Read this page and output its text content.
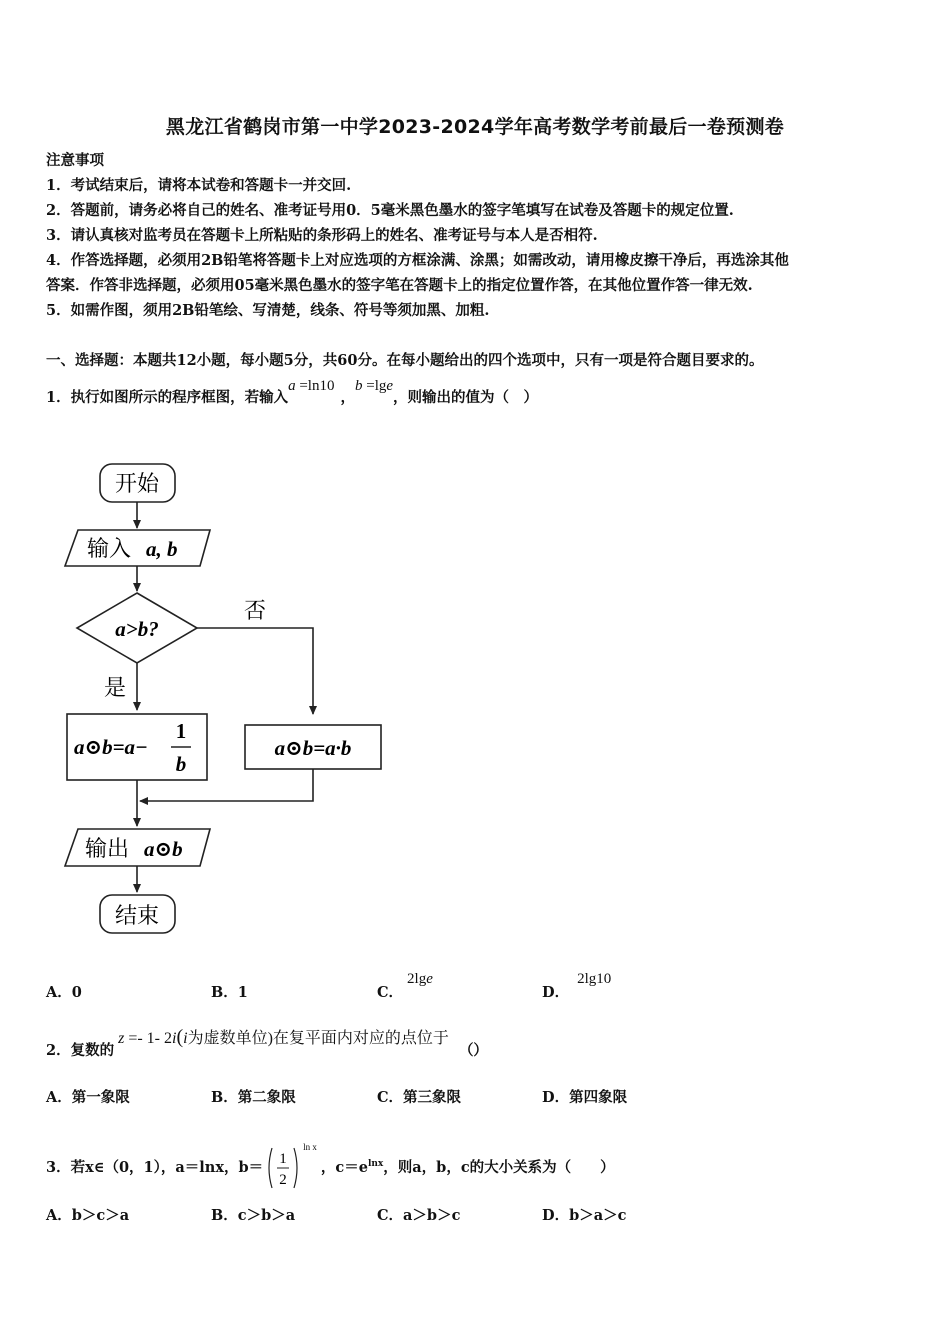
黑龙江省鹤岗市第一中学2023-2024学年高考数学考前最后一卷预测卷
注意事项
1．考试结束后，请将本试卷和答题卡一并交回.
2．答题前，请务必将自己的姓名、准考证号用0．5毫米黑色墨水的签字笔填写在试卷及答题卡的规定位置.
3．请认真核对监考员在答题卡上所粘贴的条形码上的姓名、准考证号与本人是否相符.
4．作答选择题，必须用2B铅笔将答题卡上对应选项的方框涂满、涂黑；如需改动，请用橡皮擦干净后，再选涂其他
答案．作答非选择题，必须用05毫米黑色墨水的签字笔在答题卡上的指定位置作答，在其他位置作答一律无效.
5．如需作图，须用2B铅笔绘、写清楚，线条、符号等须加黑、加粗.
一、选择题：本题共12小题，每小题5分，共60分。在每小题给出的四个选项中，只有一项是符合题目要求的。
1．执行如图所示的程序框图，若输入a =ln10，b =lge，则输出的值为（　）
开始
输入 a, b
a>b?
否
是
a⊙b=a−
1
b
a⊙b=a·b
输出 a⊙b
结束
A．0	B．1	C．2lge
D．2lg10
2．复数的z =- 1- 2i(i为虚数单位)在复平面内对应的点位于（）
A．第一象限	B．第二象限	C．第三象限	D．第四象限
3．若x∈（0，1），a＝lnx，b＝ 1
2
$^{ln x}$，$c=e^{lnx}$，则a，b，c的大小关系为（　　）
A．b＞c＞a	B．c＞b＞a	C．a＞b＞c	D．b＞a＞c
